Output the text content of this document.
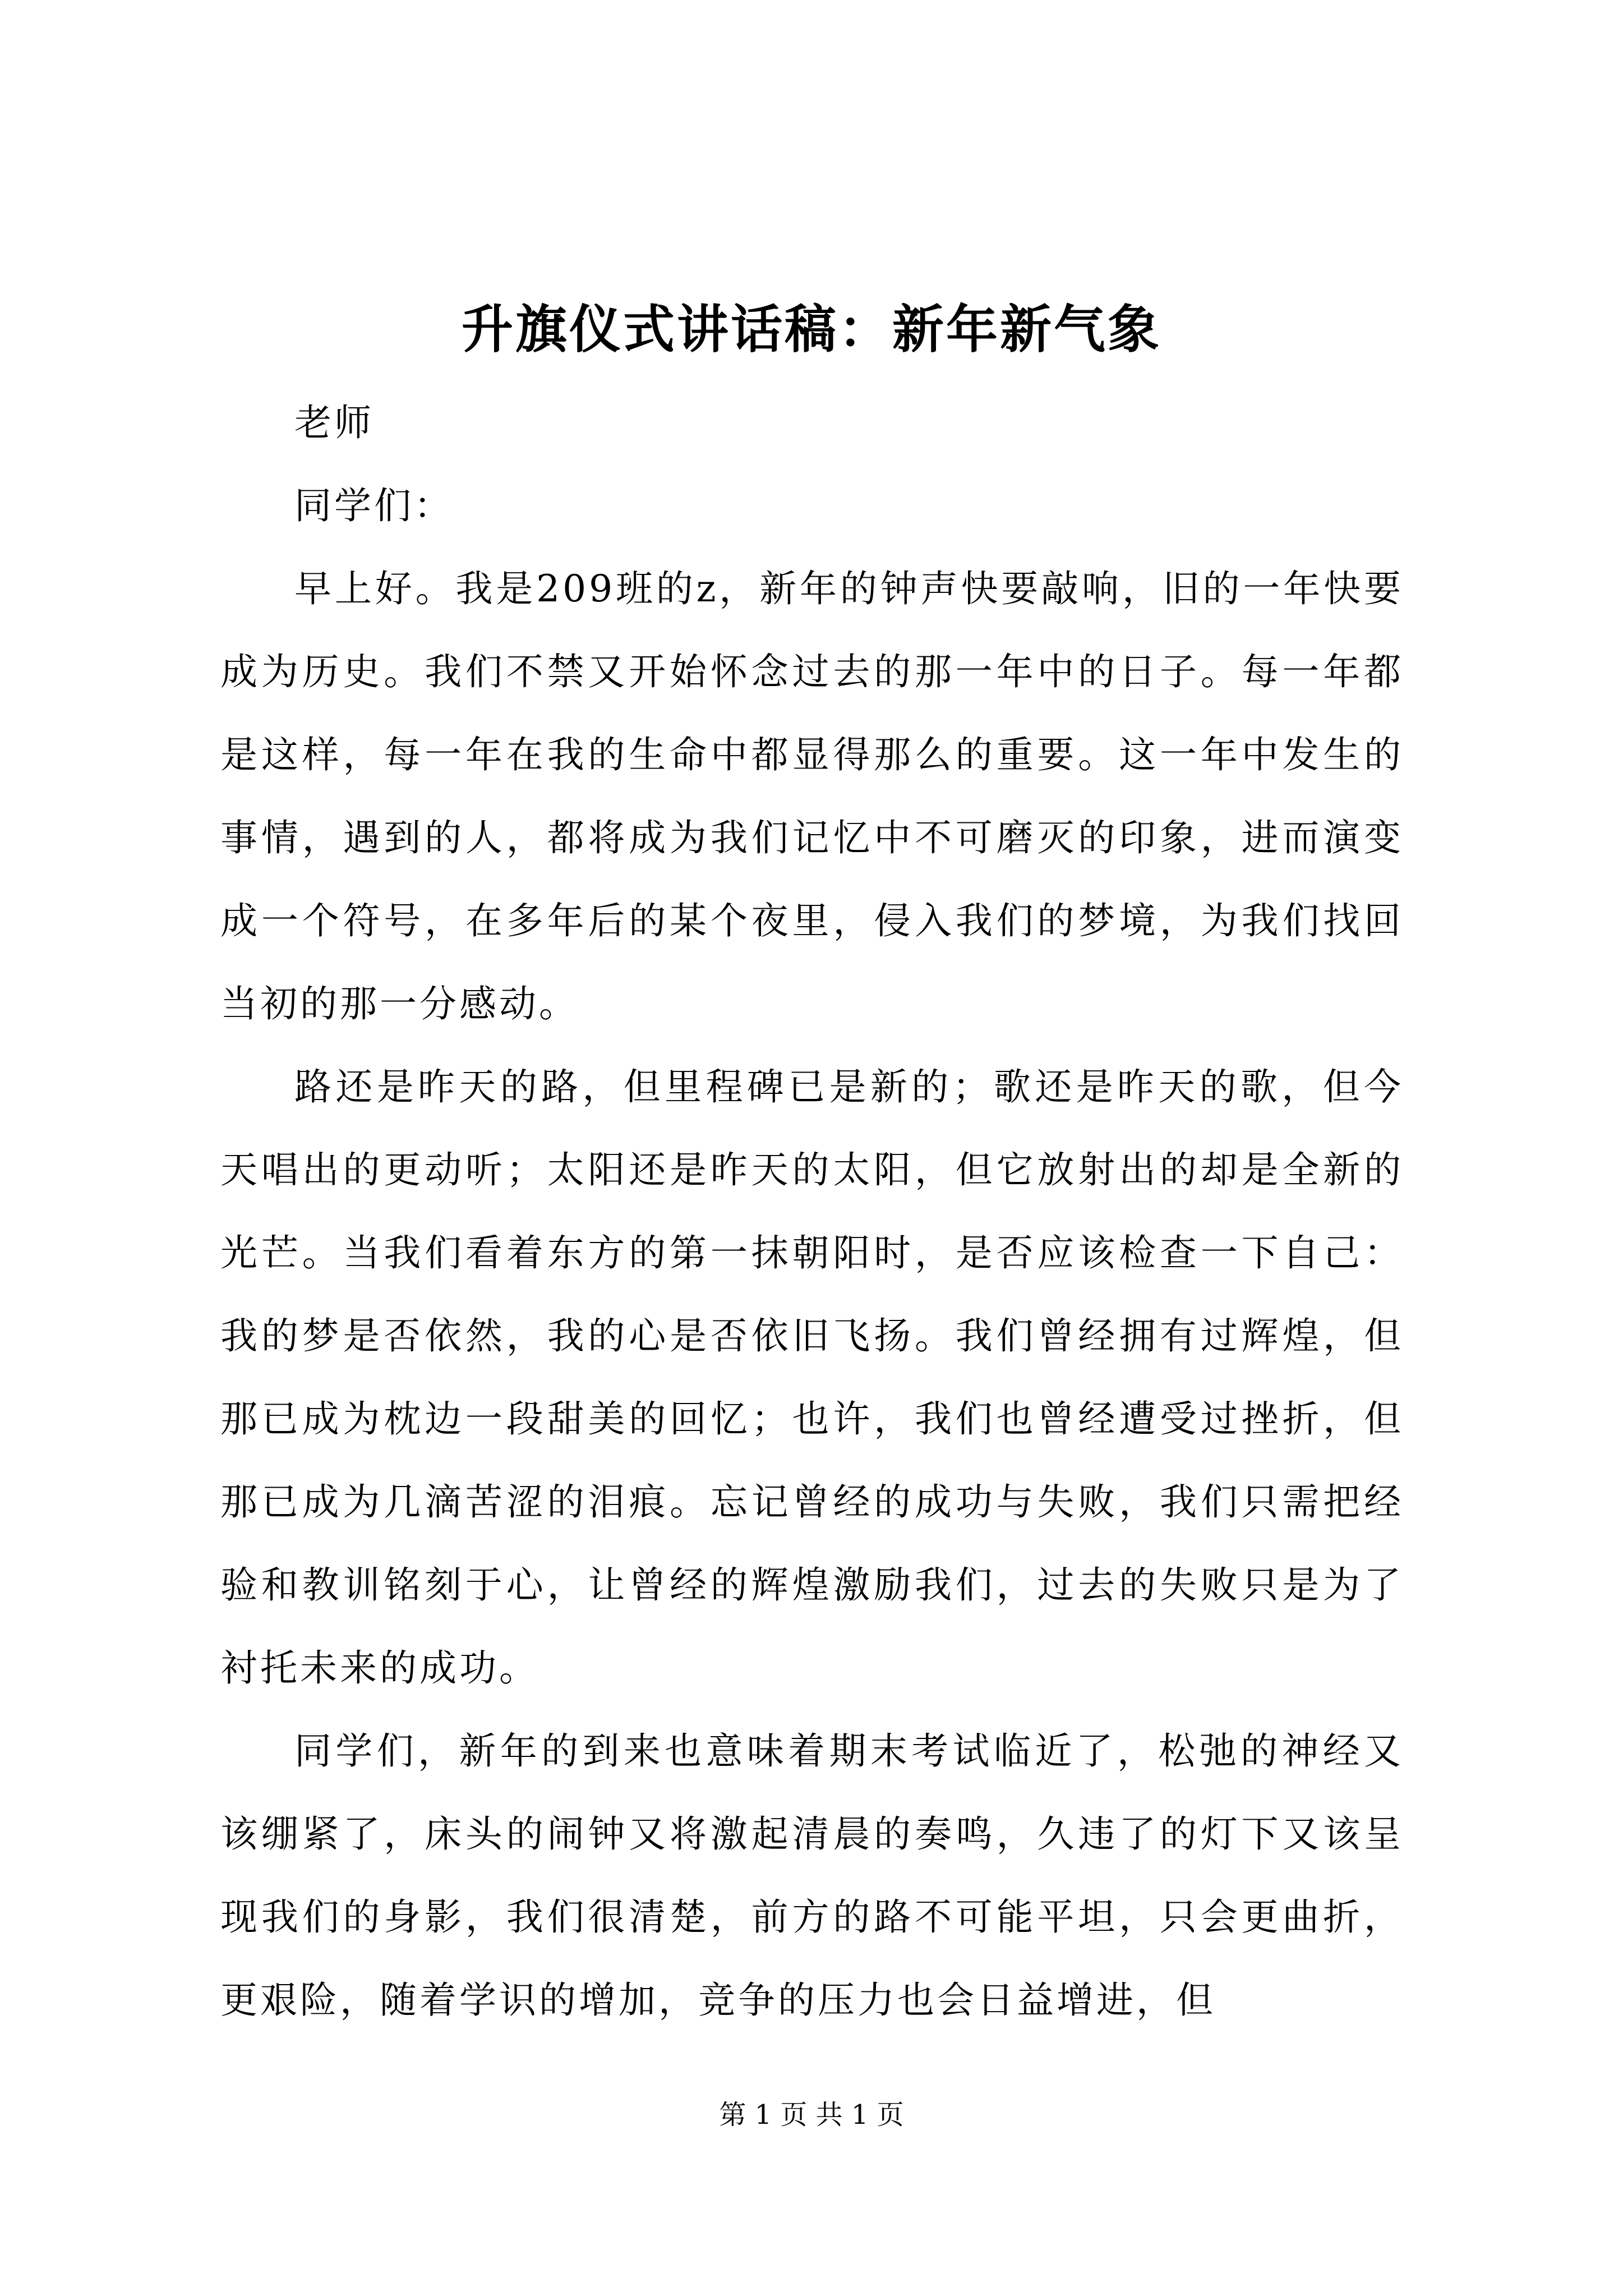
升旗仪式讲话稿：新年新气象

老师

同学们：

早上好。我是209班的z，新年的钟声快要敲响，旧的一年快要成为历史。我们不禁又开始怀念过去的那一年中的日子。每一年都是这样，每一年在我的生命中都显得那么的重要。这一年中发生的事情，遇到的人，都将成为我们记忆中不可磨灭的印象，进而演变成一个符号，在多年后的某个夜里，侵入我们的梦境，为我们找回当初的那一分感动。

路还是昨天的路，但里程碑已是新的；歌还是昨天的歌，但今天唱出的更动听；太阳还是昨天的太阳，但它放射出的却是全新的光芒。当我们看着东方的第一抹朝阳时，是否应该检查一下自己：我的梦是否依然，我的心是否依旧飞扬。我们曾经拥有过辉煌，但那已成为枕边一段甜美的回忆；也许，我们也曾经遭受过挫折，但那已成为几滴苦涩的泪痕。忘记曾经的成功与失败，我们只需把经验和教训铭刻于心，让曾经的辉煌激励我们，过去的失败只是为了衬托未来的成功。

同学们，新年的到来也意味着期末考试临近了，松弛的神经又该绷紧了，床头的闹钟又将激起清晨的奏鸣，久违了的灯下又该呈现我们的身影，我们很清楚，前方的路不可能平坦，只会更曲折，更艰险，随着学识的增加，竞争的压力也会日益增进，但

第 1 页 共 1 页
